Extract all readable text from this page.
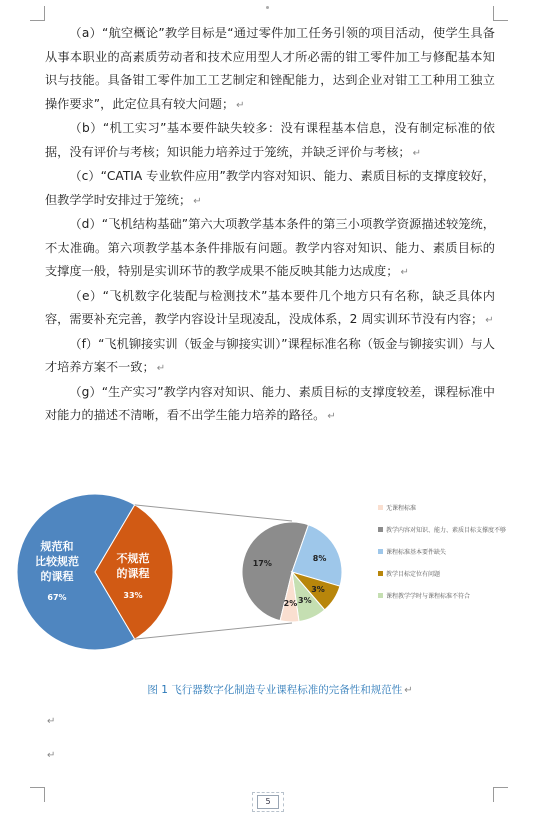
（a）“航空概论”教学目标是“通过零件加工任务引领的项目活动，使学生具备从事本职业的高素质劳动者和技术应用型人才所必需的钳工零件加工与修配基本知识与技能。具备钳工零件加工工艺制定和锉配能力，达到企业对钳工工种用工独立操作要求”，此定位具有较大问题； ↵

（b）“机工实习”基本要件缺失较多：没有课程基本信息，没有制定标准的依据，没有评价与考核；知识能力培养过于笼统，并缺乏评价与考核； ↵

（c）“CATIA 专业软件应用”教学内容对知识、能力、素质目标的支撑度较好，但教学学时安排过于笼统； ↵

（d）“飞机结构基础”第六大项教学基本条件的第三小项教学资源描述较笼统，不太准确。第六项教学基本条件排版有问题。教学内容对知识、能力、素质目标的支撑度一般，特别是实训环节的教学成果不能反映其能力达成度； ↵

（e）“飞机数字化装配与检测技术”基本要件几个地方只有名称，缺乏具体内容，需要补充完善，教学内容设计呈现凌乱，没成体系，2 周实训环节没有内容； ↵

（f）“飞机铆接实训（钣金与铆接实训）”课程标准名称（钣金与铆接实训）与人才培养方案不一致； ↵

（g）“生产实习”教学内容对知识、能力、素质目标的支撑度较差，课程标准中对能力的描述不清晰，看不出学生能力培养的路径。 ↵

规范和
比较规范
的课程
67%
不规范
的课程
33%
17%
8%
3%
3%
2%
无课程标准
教学内容对知识、能力、素质目标支撑度不够
课程标准基本要件缺失
教学目标定位有问题
课程教学学时与课程标准不符合
图 1 飞行器数字化制造专业课程标准的完备性和规范性 ↵
↵
↵
5
